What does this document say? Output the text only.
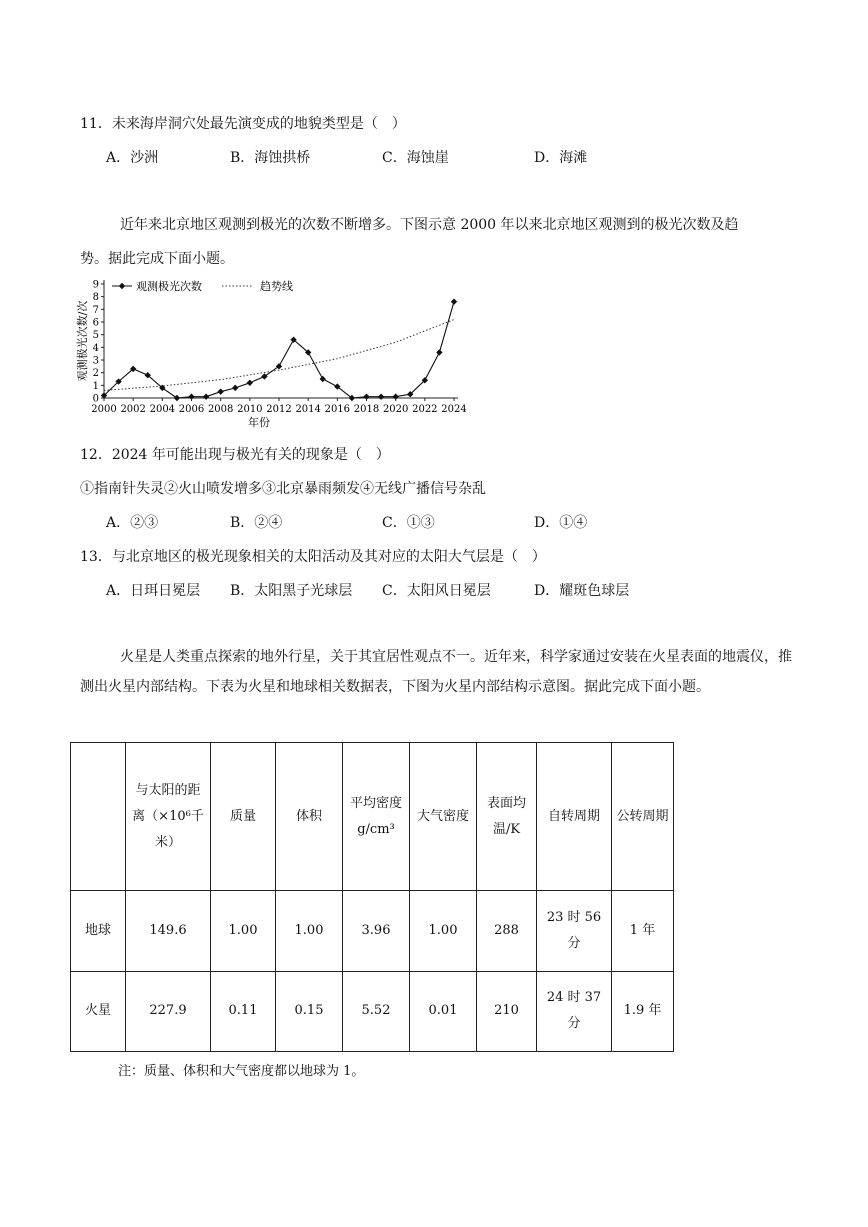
11．未来海岸洞穴处最先演变成的地貌类型是（　）
A．沙洲	B．海蚀拱桥	C．海蚀崖	D．海滩
近年来北京地区观测到极光的次数不断增多。下图示意 2000 年以来北京地区观测到的极光次数及趋
势。据此完成下面小题。
0
1
2
3
4
5
6
7
8
9
2000 2002 2004 2006 2008 2010 2012 2014 2016 2018 2020 2022 2024
观测极光次数	趋势线
年份
观测极光次数/次
12．2024 年可能出现与极光有关的现象是（　）
①指南针失灵②火山喷发增多③北京暴雨频发④无线广播信号杂乱
A．②③	B．②④	C．①③	D．①④
13．与北京地区的极光现象相关的太阳活动及其对应的太阳大气层是（　）
A．日珥日冕层 B．太阳黑子光球层 C．太阳风日冕层	D．耀斑色球层
火星是人类重点探索的地外行星，关于其宜居性观点不一。近年来，科学家通过安装在火星表面的地震仪，推测出火星内部结构。下表为火星和地球相关数据表，下图为火星内部结构示意图。据此完成下面小题。
	与太阳的距离（×10⁶千米）	质量	体积	平均密度g/cm³	大气密度	表面均温/K	自转周期	公转周期
地球	149.6	1.00	1.00	3.96	1.00	288	23 时 56 分	1 年
火星	227.9	0.11	0.15	5.52	0.01	210	24 时 37 分	1.9 年
注：质量、体积和大气密度都以地球为 1。
